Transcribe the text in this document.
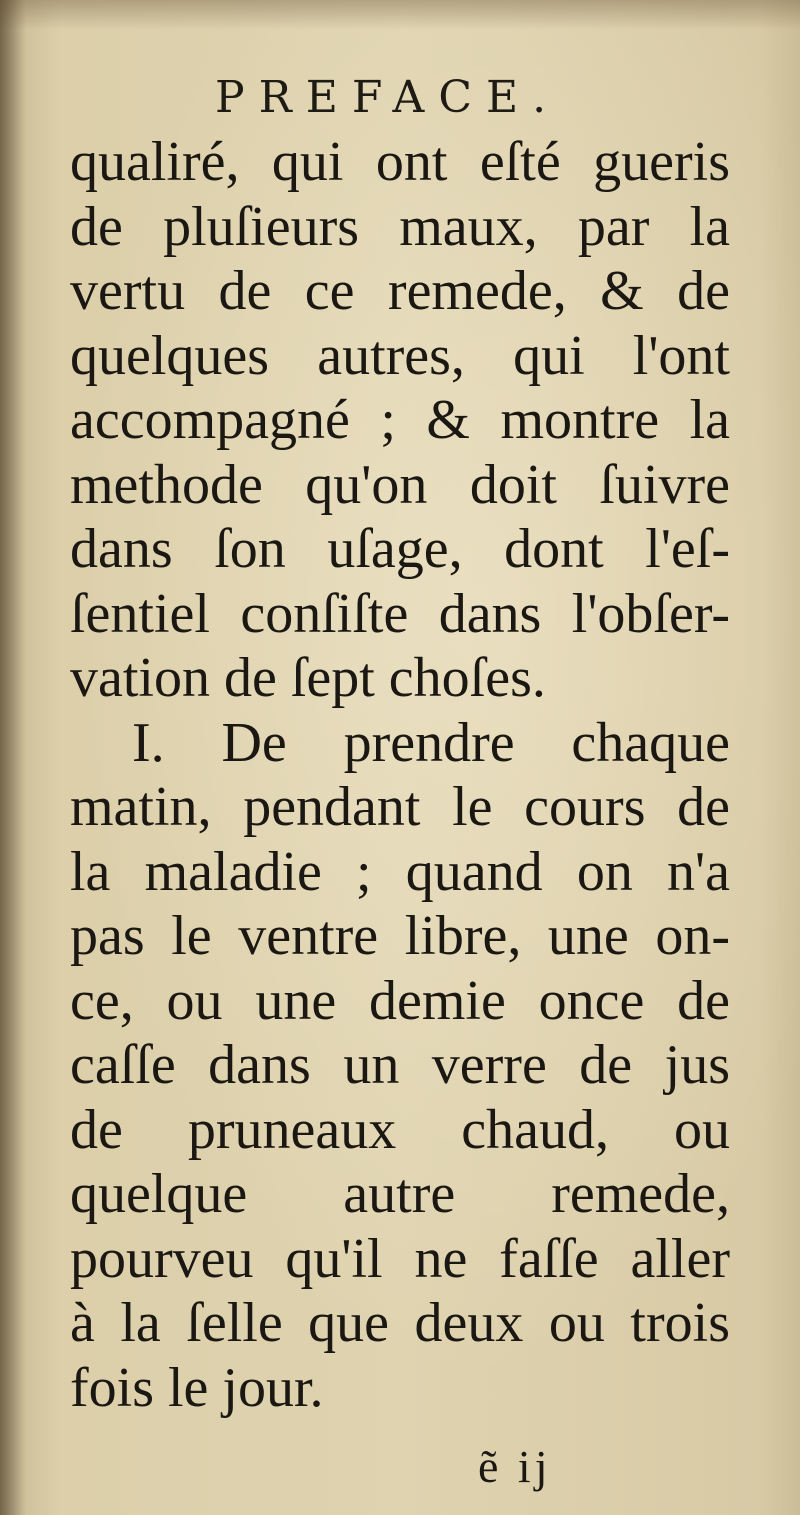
PREFACE.
qualiré, qui ont eſté gueris
de pluſieurs maux, par la
vertu de ce remede, & de
quelques autres, qui l'ont
accompagné ; & montre la
methode qu'on doit ſuivre
dans ſon uſage, dont l'eſ-
ſentiel conſiſte dans l'obſer-
vation de ſept choſes.
I. De prendre chaque
matin, pendant le cours de
la maladie ; quand on n'a
pas le ventre libre, une on-
ce, ou une demie once de
caſſe dans un verre de jus
de pruneaux chaud, ou
quelque autre remede,
pourveu qu'il ne faſſe aller
à la ſelle que deux ou trois
fois le jour.
ẽ ij
